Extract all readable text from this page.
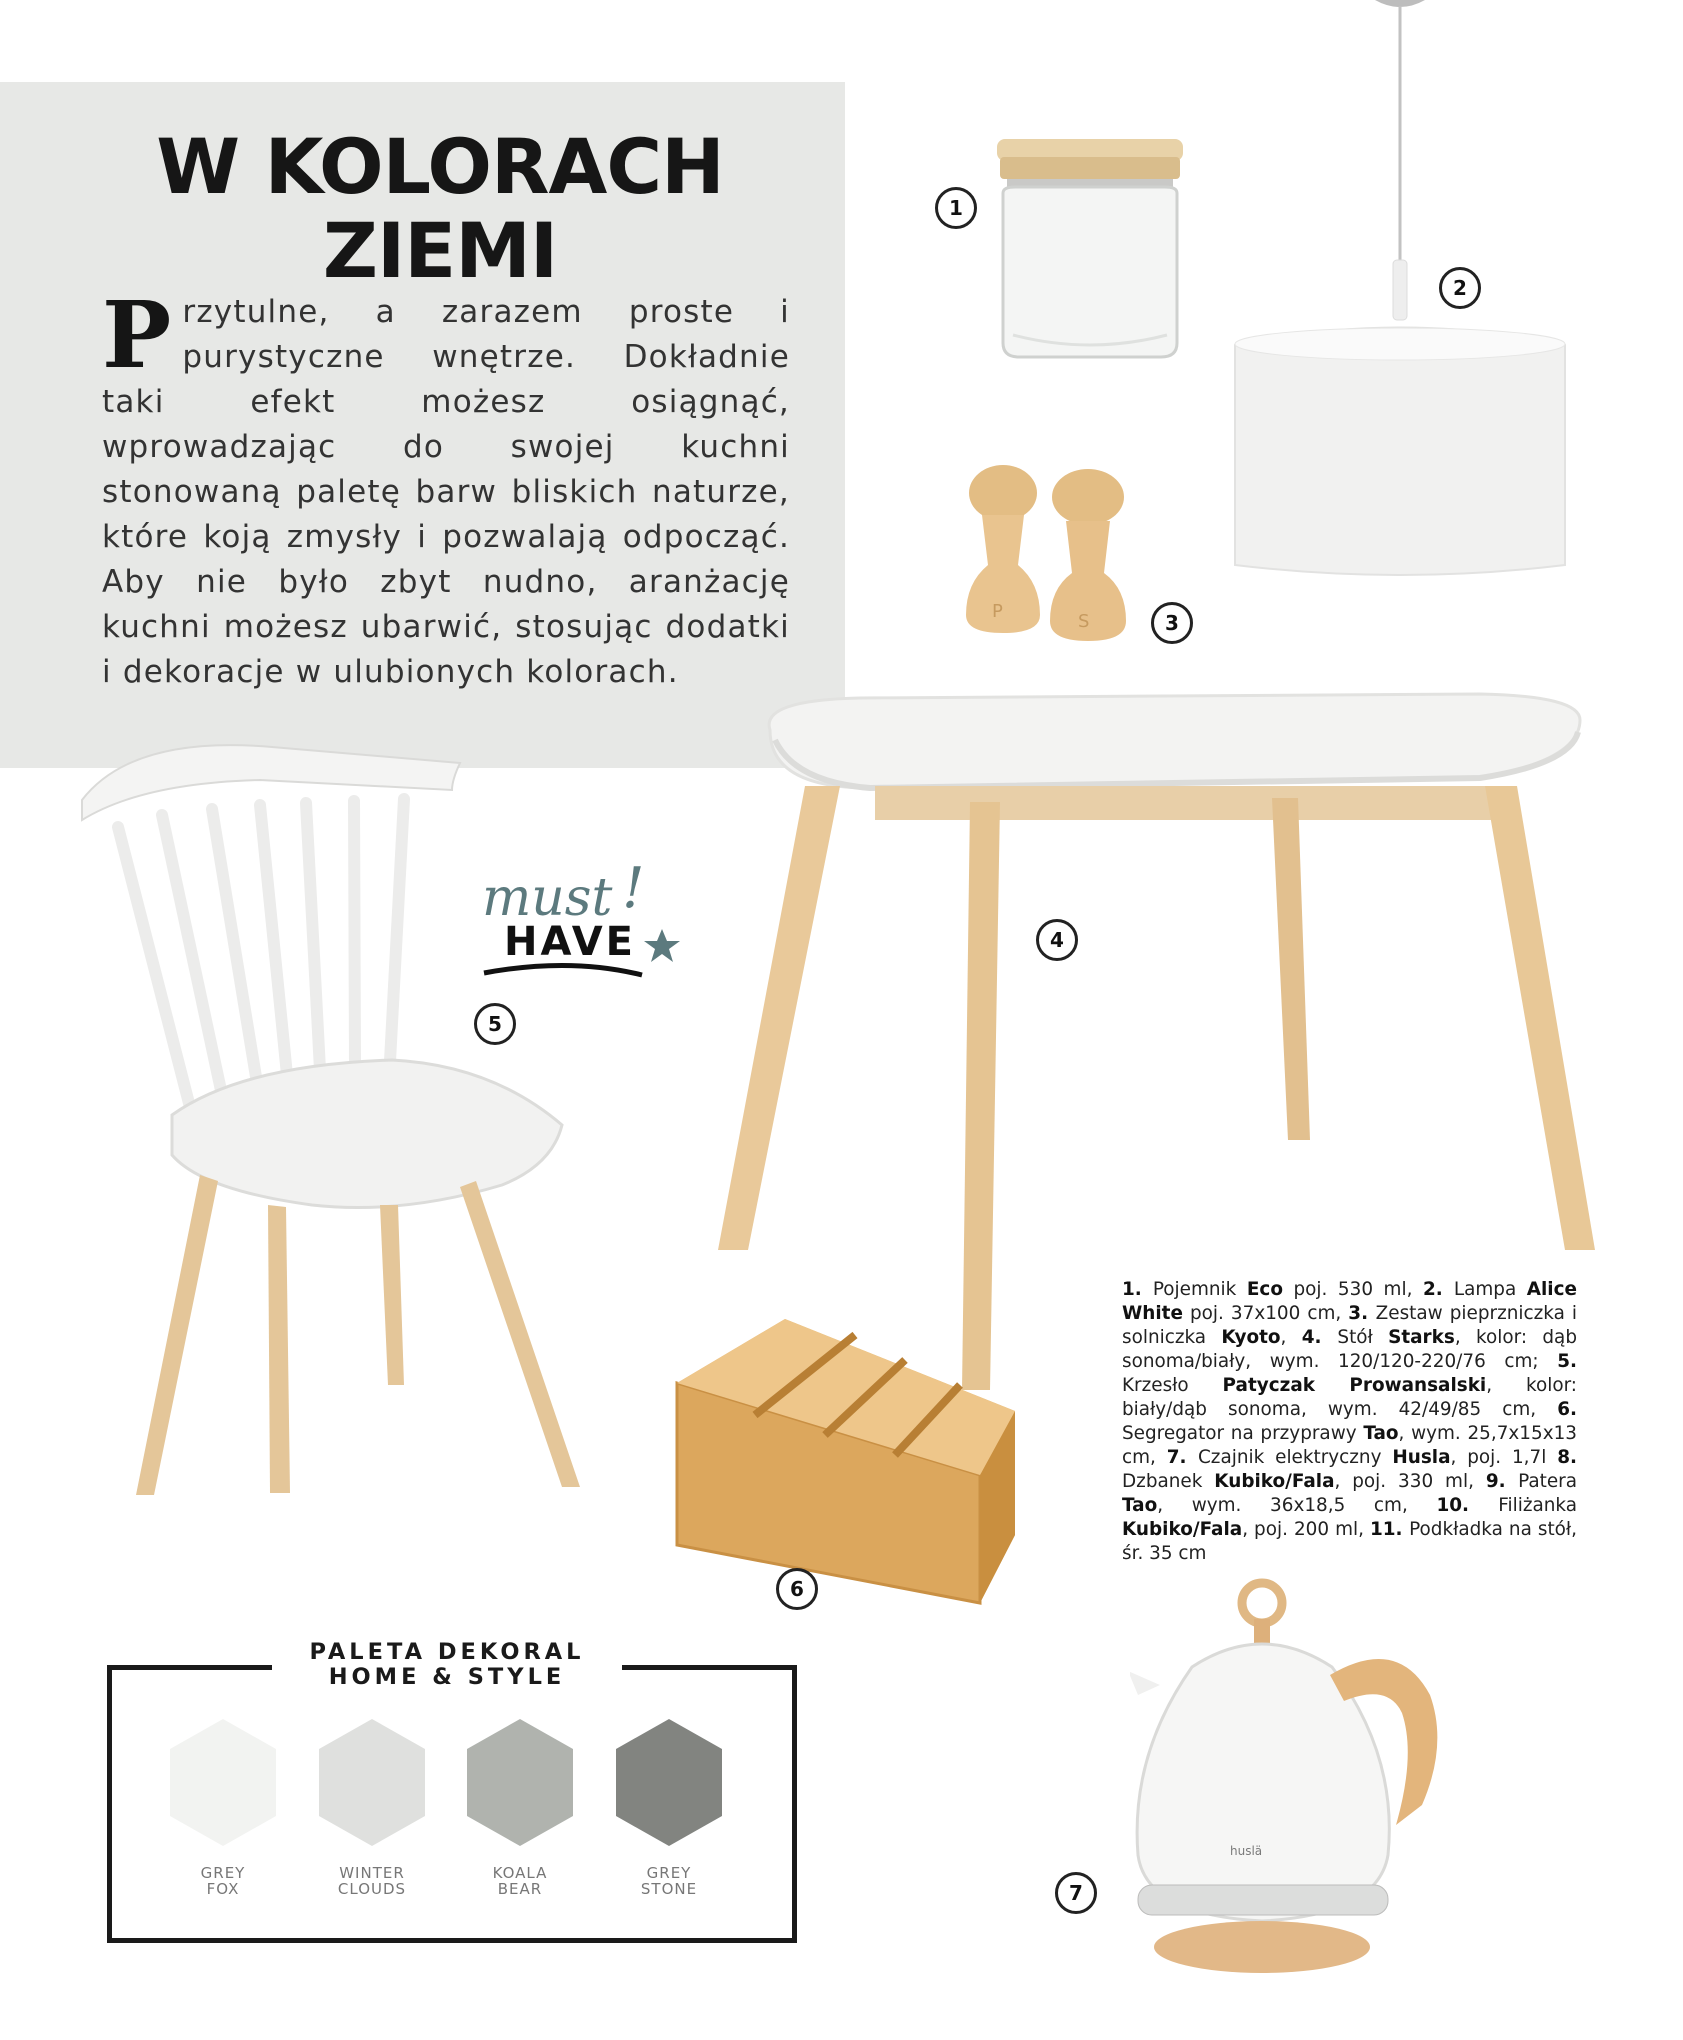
W KOLORACH
ZIEMI
Przytulne, a zarazem proste i purystyczne wnętrze. Dokładnie taki efekt możesz osiągnąć, wprowadzając do swojej kuchni stonowaną paletę barw bliskich naturze, które koją zmysły i pozwalają odpocząć. Aby nie było zbyt nudno, aranżację kuchni możesz ubarwić, stosując dodatki i dekoracje w ulubionych kolorach.
P	S
huslä
1
2
3
4
5
6
7
must !
HAVE
1. Pojemnik Eco poj. 530 ml, 2. Lampa Alice White poj. 37x100 cm, 3. Zestaw pieprzniczka i solniczka Kyoto, 4. Stół Starks, kolor: dąb sonoma/biały, wym. 120/120-220/76 cm; 5. Krzesło Patyczak Prowansalski, kolor: biały/dąb sonoma, wym. 42/49/85 cm, 6. Segregator na przyprawy Tao, wym. 25,7x15x13 cm, 7. Czajnik elektryczny Husla, poj. 1,7l 8. Dzbanek Kubiko/Fala, poj. 330 ml, 9. Patera Tao, wym. 36x18,5 cm, 10. Filiżanka Kubiko/Fala, poj. 200 ml, 11. Podkładka na stół, śr. 35 cm
PALETA DEKORAL
HOME & STYLE
GREY
FOX
WINTER
CLOUDS
KOALA
BEAR
GREY
STONE
